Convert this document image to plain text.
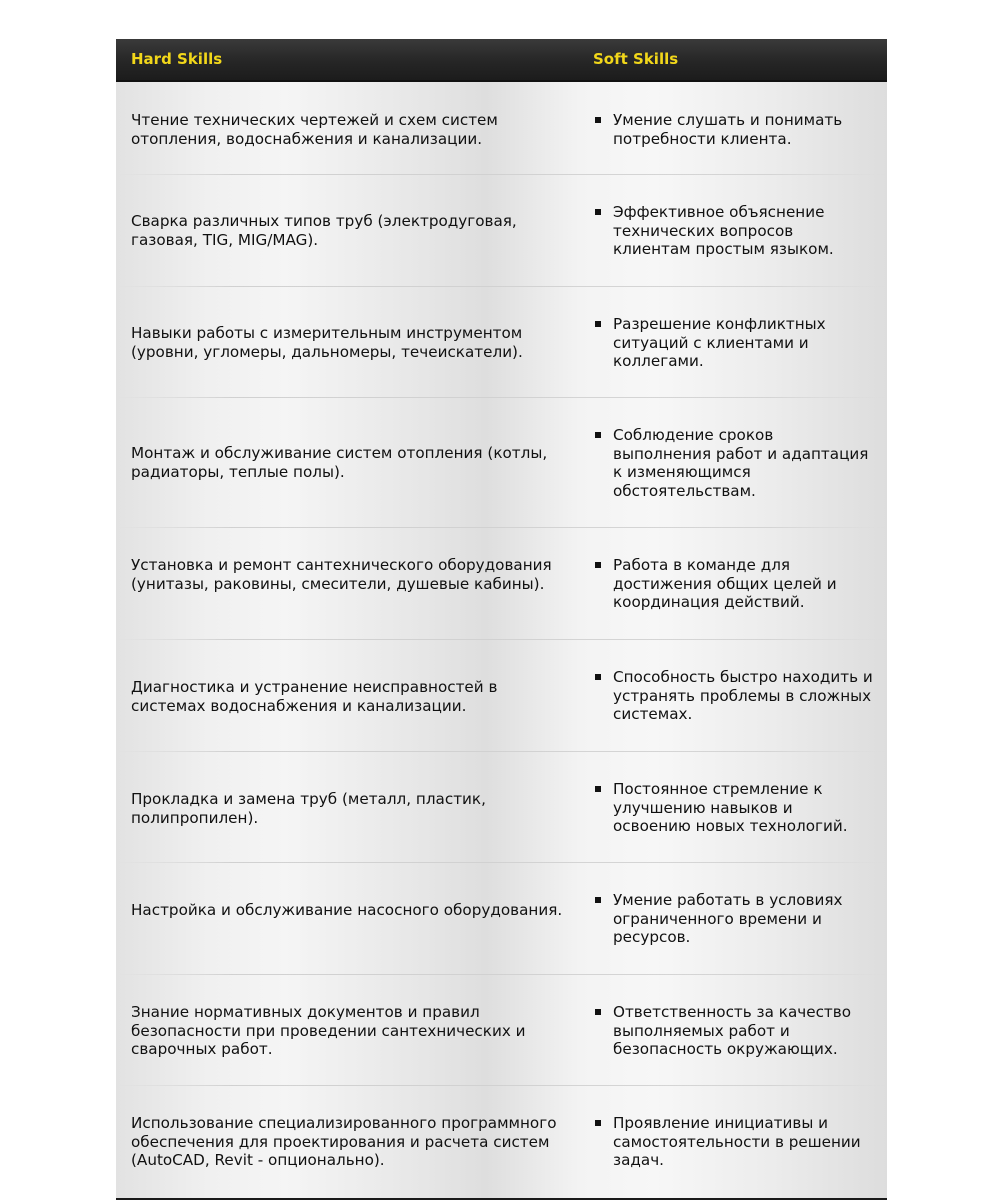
Hard Skills	Soft Skills
Чтение технических чертежей и схем систем отопления, водоснабжения и канализации.
Умение слушать и понимать потребности клиента.
Сварка различных типов труб (электродуговая, газовая, TIG, MIG/MAG).
Эффективное объяснение технических вопросов клиентам простым языком.
Навыки работы с измерительным инструментом (уровни, угломеры, дальномеры, течеискатели).
Разрешение конфликтных ситуаций с клиентами и коллегами.
Монтаж и обслуживание систем отопления (котлы, радиаторы, теплые полы).
Соблюдение сроков выполнения работ и адаптация к изменяющимся обстоятельствам.
Установка и ремонт сантехнического оборудования (унитазы, раковины, смесители, душевые кабины).
Работа в команде для достижения общих целей и координация действий.
Диагностика и устранение неисправностей в системах водоснабжения и канализации.
Способность быстро находить и устранять проблемы в сложных системах.
Прокладка и замена труб (металл, пластик, полипропилен).
Постоянное стремление к улучшению навыков и освоению новых технологий.
Настройка и обслуживание насосного оборудования.
Умение работать в условиях ограниченного времени и ресурсов.
Знание нормативных документов и правил безопасности при проведении сантехнических и сварочных работ.
Ответственность за качество выполняемых работ и безопасность окружающих.
Использование специализированного программного обеспечения для проектирования и расчета систем (AutoCAD, Revit - опционально).
Проявление инициативы и самостоятельности в решении задач.
